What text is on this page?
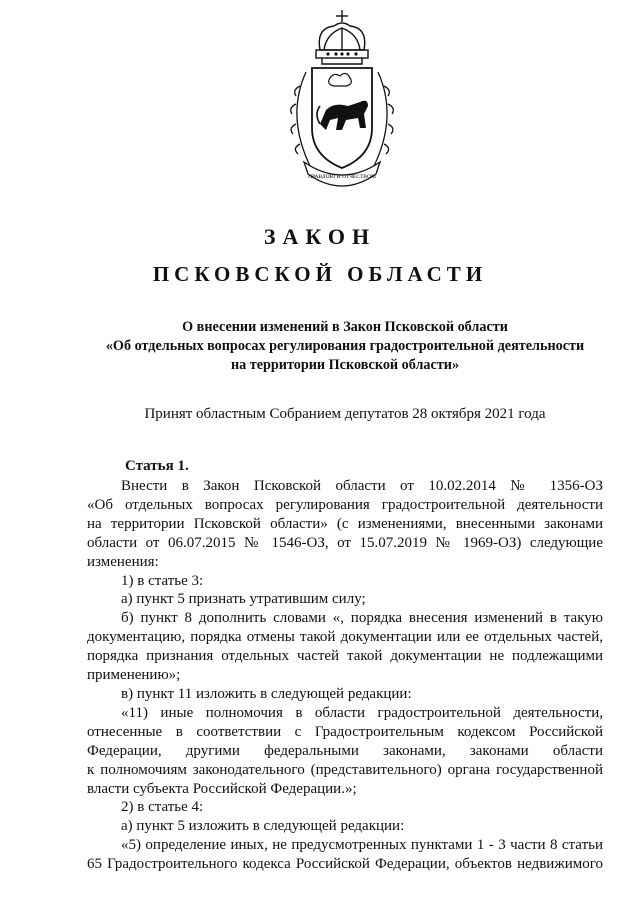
ПРАВДОЮ И ОТЧЕСТВОМ
ЗАКОН
ПСКОВСКОЙ ОБЛАСТИ
О внесении изменений в Закон Псковской области
«Об отдельных вопросах регулирования градостроительной деятельности
на территории Псковской области»
Принят областным Собранием депутатов 28 октября 2021 года
Статья 1.
Внести в Закон Псковской области от 10.02.2014 № 1356-ОЗ
«Об отдельных вопросах регулирования градостроительной деятельности
на территории Псковской области» (с изменениями, внесенными законами
области от 06.07.2015 № 1546-ОЗ, от 15.07.2019 № 1969-ОЗ) следующие
изменения:
1) в статье 3:
а) пункт 5 признать утратившим силу;
б) пункт 8 дополнить словами «, порядка внесения изменений в такую
документацию, порядка отмены такой документации или ее отдельных частей,
порядка признания отдельных частей такой документации не подлежащими
применению»;
в) пункт 11 изложить в следующей редакции:
«11) иные полномочия в области градостроительной деятельности,
отнесенные в соответствии с Градостроительным кодексом Российской
Федерации, другими федеральными законами, законами области
к полномочиям законодательного (представительного) органа государственной
власти субъекта Российской Федерации.»;
2) в статье 4:
а) пункт 5 изложить в следующей редакции:
«5) определение иных, не предусмотренных пунктами 1 - 3 части 8 статьи
65 Градостроительного кодекса Российской Федерации, объектов недвижимого
